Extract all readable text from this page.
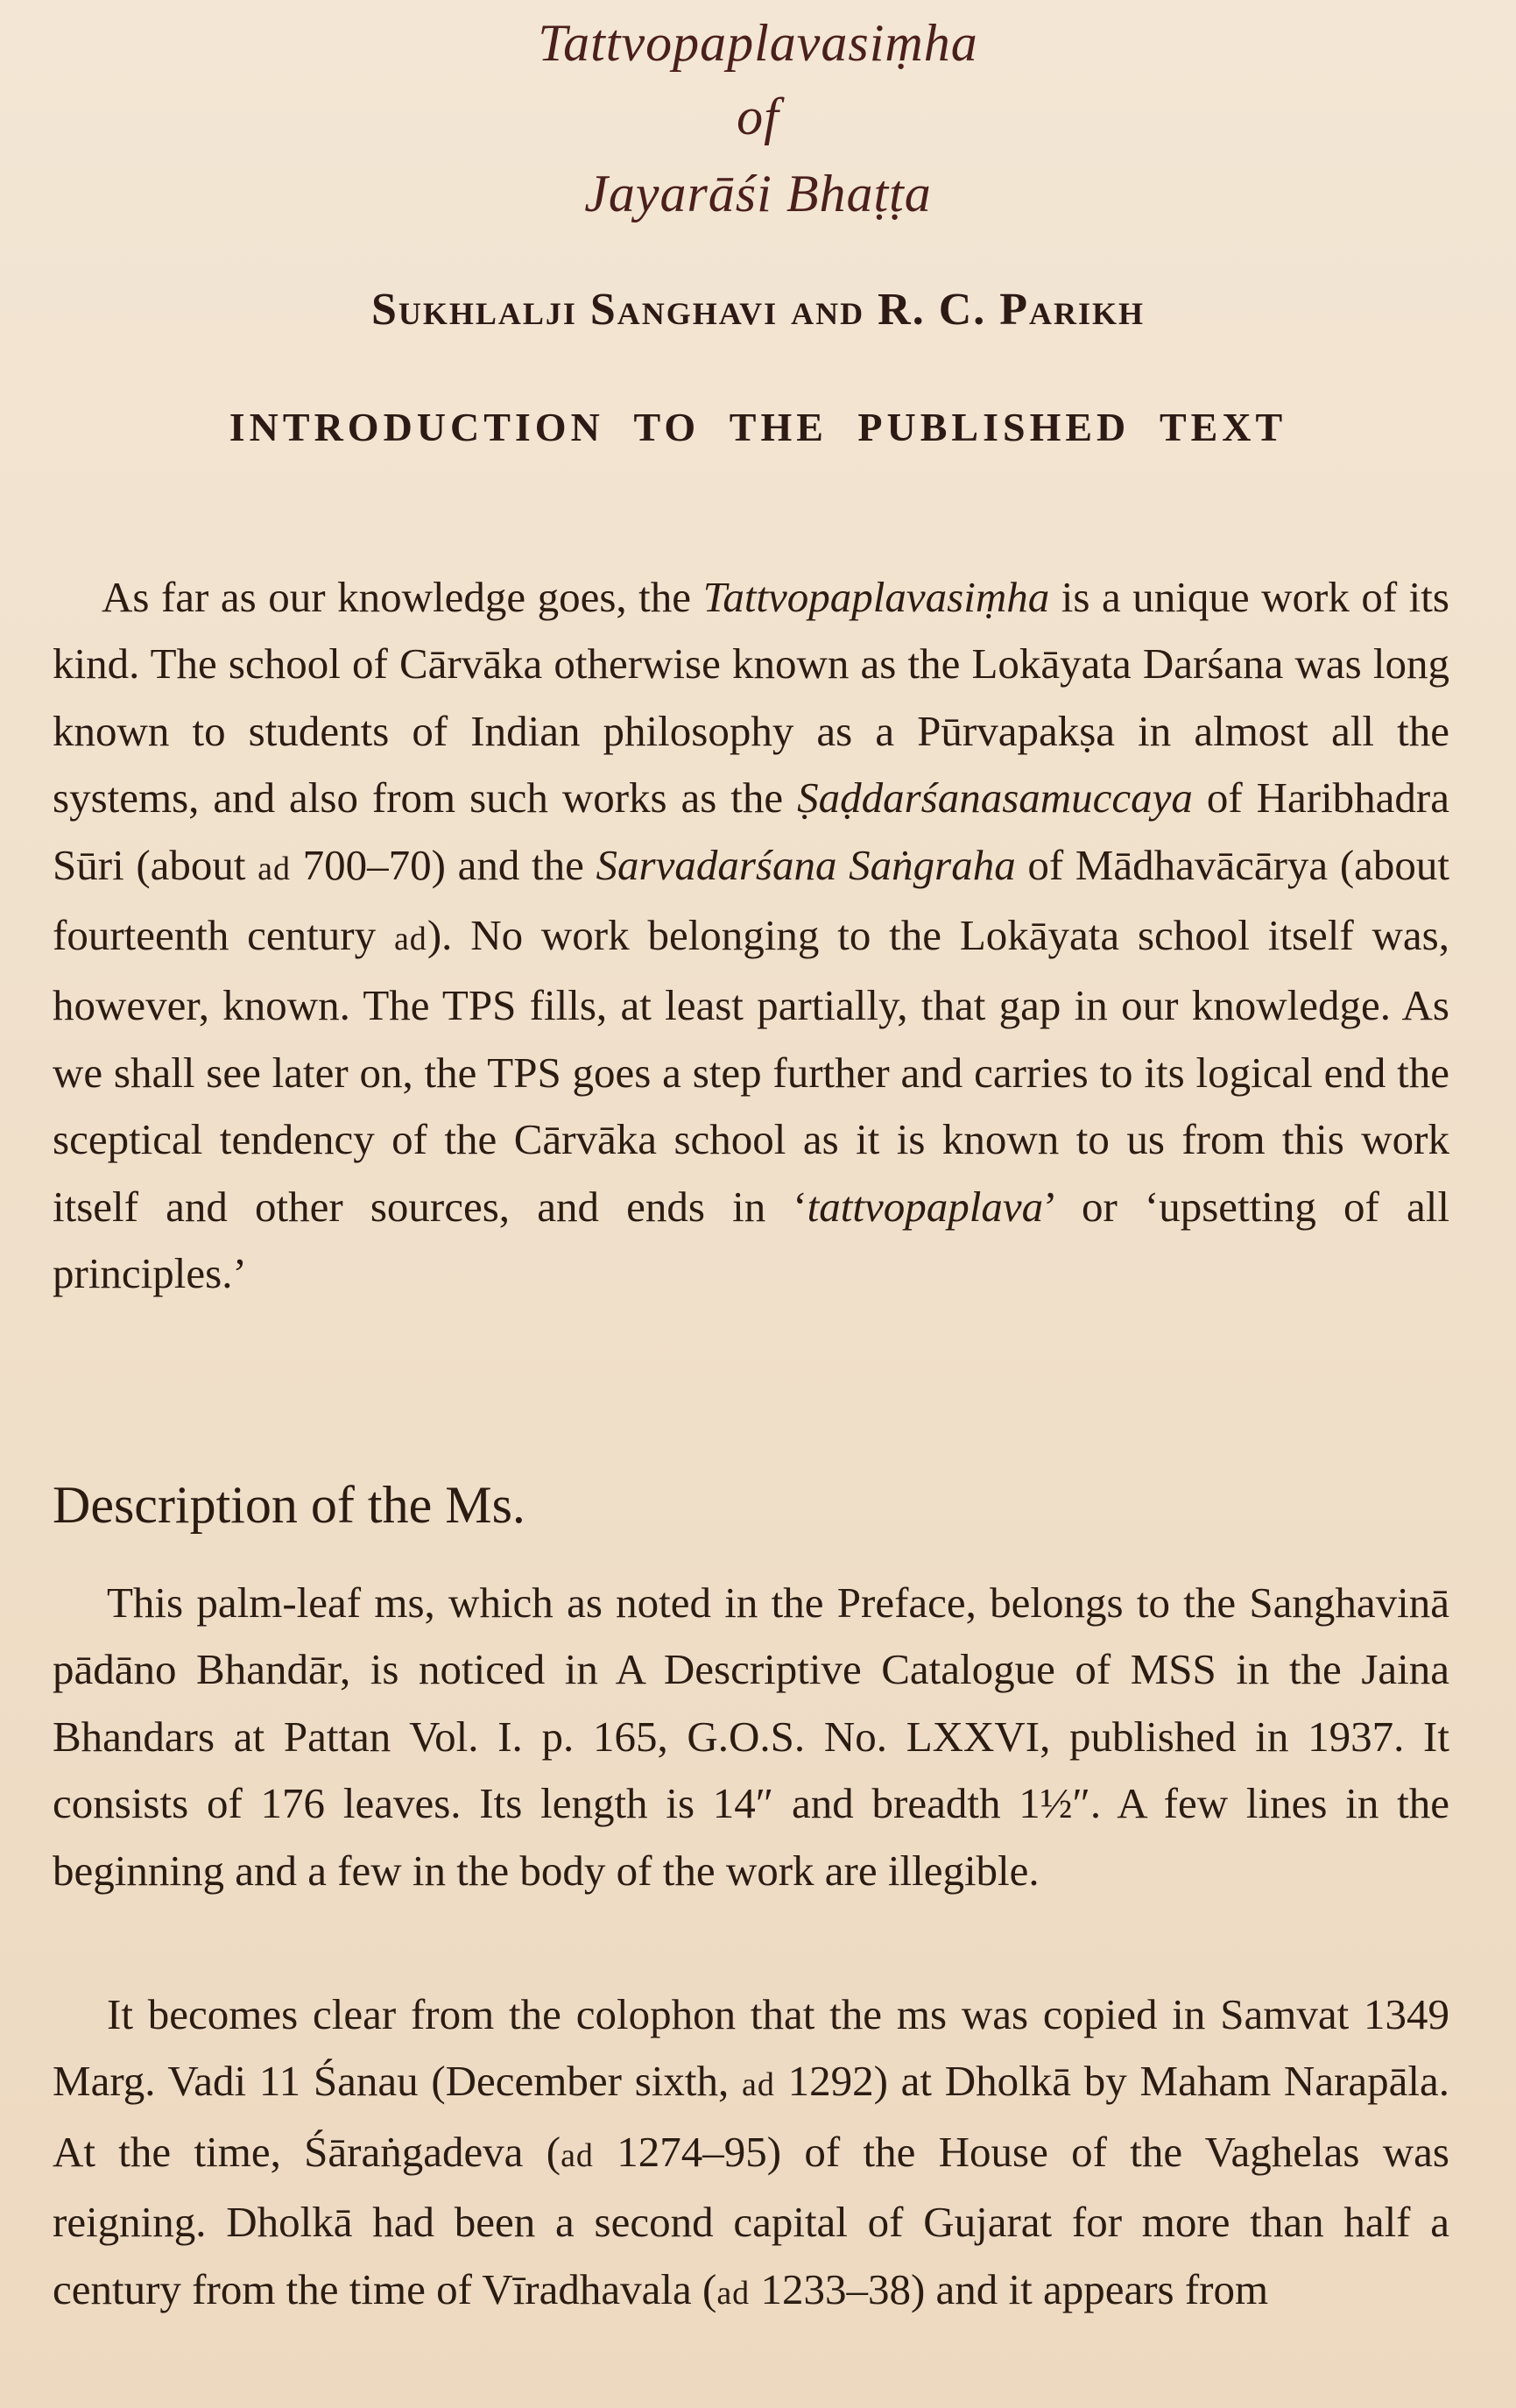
Tattvopaplavasiṃha
of
Jayarāśi Bhaṭṭa
Sukhlalji Sanghavi and R. C. Parikh
INTRODUCTION TO THE PUBLISHED TEXT

As far as our knowledge goes, the Tattvopaplavasiṃha is a unique work of its kind. The school of Cārvāka otherwise known as the Lokāyata Darśana was long known to students of Indian philosophy as a Pūrvapakṣa in almost all the systems, and also from such works as the Ṣaḍdarśanasamuccaya of Haribhadra Sūri (about ad 700–70) and the Sarvadarśana Saṅgraha of Mādhavācārya (about fourteenth century ad). No work belonging to the Lokāyata school itself was, however, known. The TPS fills, at least partially, that gap in our knowledge. As we shall see later on, the TPS goes a step further and carries to its logical end the sceptical tendency of the Cārvāka school as it is known to us from this work itself and other sources, and ends in ‘tattvopaplava’ or ‘upsetting of all principles.’

Description of the Ms.

This palm-leaf ms, which as noted in the Preface, belongs to the Sanghavinā pādāno Bhandār, is noticed in A Descriptive Catalogue of MSS in the Jaina Bhandars at Pattan Vol. I. p. 165, G.O.S. No. LXXVI, published in 1937. It consists of 176 leaves. Its length is 14″ and breadth 1½″. A few lines in the beginning and a few in the body of the work are illegible.

It becomes clear from the colophon that the ms was copied in Samvat 1349 Marg. Vadi 11 Śanau (December sixth, ad 1292) at Dholkā by Maham Narapāla. At the time, Śāraṅgadeva (ad 1274–95) of the House of the Vaghelas was reigning. Dholkā had been a second capital of Gujarat for more than half a century from the time of Vīradhavala (ad 1233–38) and it appears from
